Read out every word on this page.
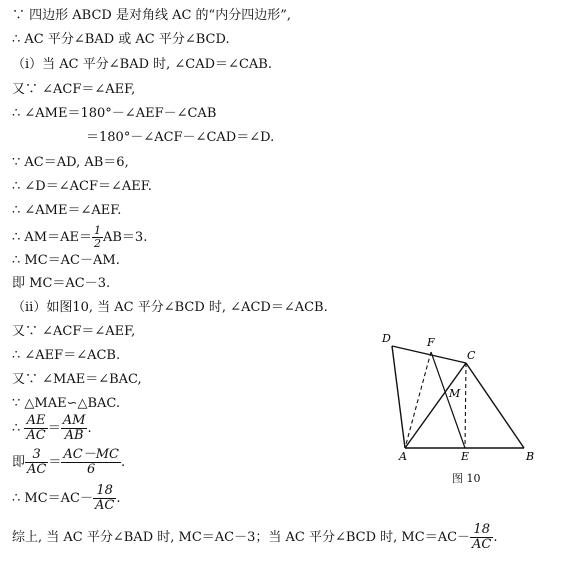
∵ 四边形 ABCD 是对角线 AC 的“内分四边形”,
∴ AC 平分∠BAD 或 AC 平分∠BCD.
（i）当 AC 平分∠BAD 时, ∠CAD＝∠CAB.
又∵ ∠ACF＝∠AEF,
∴ ∠AME＝180°－∠AEF－∠CAB
＝180°－∠ACF－∠CAD＝∠D.
∵ AC＝AD, AB＝6,
∴ ∠D＝∠ACF＝∠AEF.
∴ ∠AME＝∠AEF.
∴ $AM=AE= \frac{1}{2} AB=3$.
∴ MC＝AC－AM.
即 MC＝AC－3.
（ii）如图10, 当 AC 平分∠BCD 时, ∠ACD＝∠ACB.
又∵ ∠ACF＝∠AEF,
∴ ∠AEF＝∠ACB.
又∵ ∠MAE＝∠BAC,
∵ △MAE∽△BAC.
∴ $\frac{AE}{AC} = \frac{AM}{AB}$ .
即 $\frac{3}{AC} = \frac{AC-MC}{6}$ .
∴ $MC=AC- \frac{18}{AC}$ .
综上, 当 AC 平分∠BAD 时, MC＝AC－3；当 AC 平分∠BCD 时, $MC=AC- \frac{18}{AC}$ .
D	F
C
M
A	E	B
图 10
